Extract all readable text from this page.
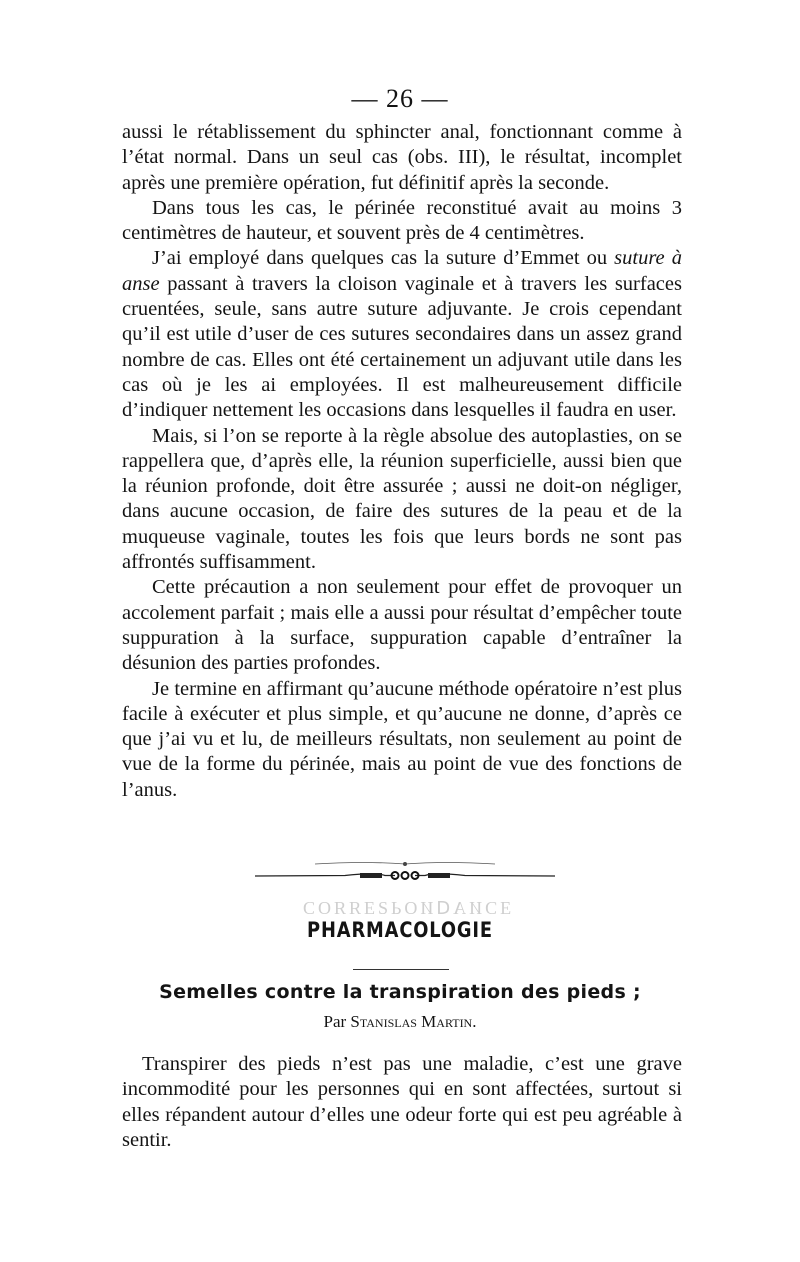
— 26 —

aussi le rétablissement du sphincter anal, fonctionnant comme à l’état normal. Dans un seul cas (obs. III), le résultat, incomplet après une première opération, fut définitif après la seconde.

Dans tous les cas, le périnée reconstitué avait au moins 3 centimètres de hauteur, et souvent près de 4 centimètres.

J’ai employé dans quelques cas la suture d’Emmet ou suture à anse passant à travers la cloison vaginale et à travers les surfaces cruentées, seule, sans autre suture adjuvante. Je crois cependant qu’il est utile d’user de ces sutures secondaires dans un assez grand nombre de cas. Elles ont été certainement un adjuvant utile dans les cas où je les ai employées. Il est malheureusement difficile d’indiquer nettement les occasions dans lesquelles il faudra en user.

Mais, si l’on se reporte à la règle absolue des autoplasties, on se rappellera que, d’après elle, la réunion superficielle, aussi bien que la réunion profonde, doit être assurée ; aussi ne doit-on négliger, dans aucune occasion, de faire des sutures de la peau et de la muqueuse vaginale, toutes les fois que leurs bords ne sont pas affrontés suffisamment.

Cette précaution a non seulement pour effet de provoquer un accolement parfait ; mais elle a aussi pour résultat d’empêcher toute suppuration à la surface, suppuration capable d’entraîner la désunion des parties profondes.

Je termine en affirmant qu’aucune méthode opératoire n’est plus facile à exécuter et plus simple, et qu’aucune ne donne, d’après ce que j’ai vu et lu, de meilleurs résultats, non seulement au point de vue de la forme du périnée, mais au point de vue des fonctions de l’anus.

ƎƆИAᗡИOԀƧƎЯЯOƆ
PHARMACOLOGIE
Semelles contre la transpiration des pieds ;
Par Stanislas Martin.

Transpirer des pieds n’est pas une maladie, c’est une grave incommodité pour les personnes qui en sont affectées, surtout si elles répandent autour d’elles une odeur forte qui est peu agréable à sentir.
